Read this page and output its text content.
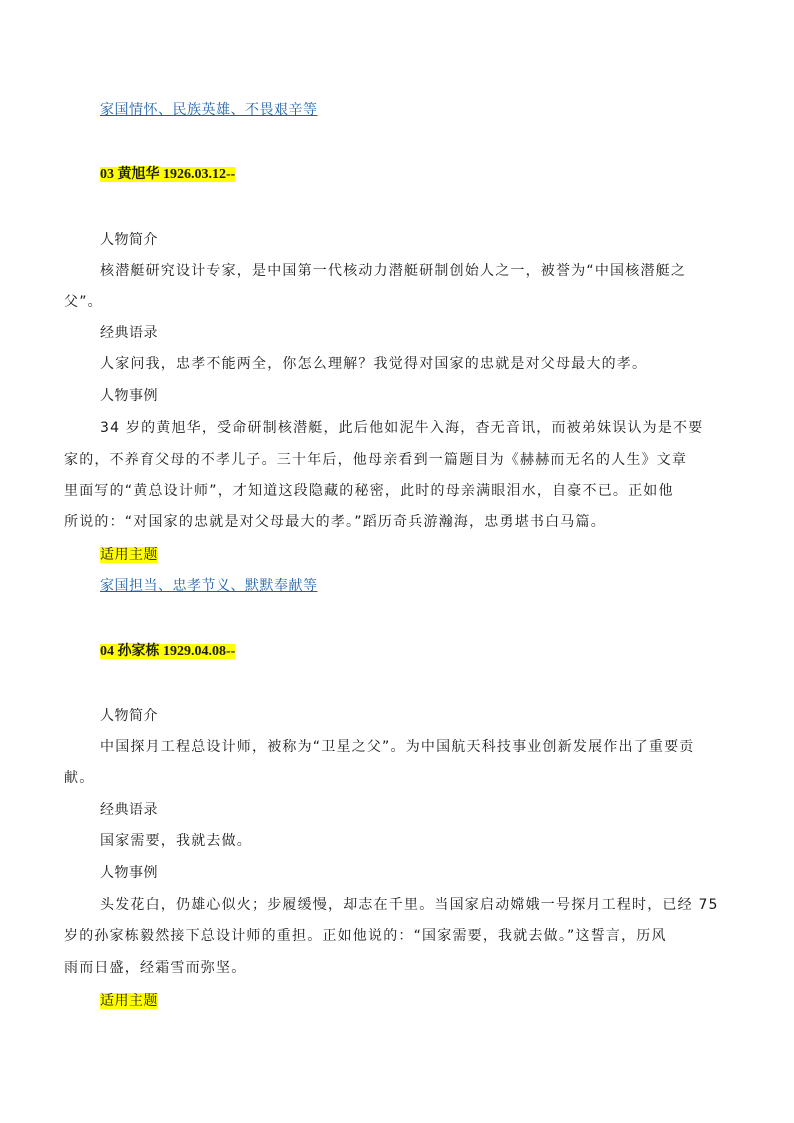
家国情怀、民族英雄、不畏艰辛等
03 黄旭华 1926.03.12--
人物简介
核潜艇研究设计专家，是中国第一代核动力潜艇研制创始人之一，被誉为“中国核潜艇之
父”。
经典语录
人家问我，忠孝不能两全，你怎么理解？我觉得对国家的忠就是对父母最大的孝。
人物事例
34 岁的黄旭华，受命研制核潜艇，此后他如泥牛入海，杳无音讯，而被弟妹误认为是不要
家的，不养育父母的不孝儿子。三十年后，他母亲看到一篇题目为《赫赫而无名的人生》文章
里面写的“黄总设计师”，才知道这段隐藏的秘密，此时的母亲满眼泪水，自豪不已。正如他
所说的：“对国家的忠就是对父母最大的孝。”蹈历奇兵游瀚海，忠勇堪书白马篇。
适用主题
家国担当、忠孝节义、默默奉献等
04 孙家栋 1929.04.08--
人物简介
中国探月工程总设计师，被称为“卫星之父”。为中国航天科技事业创新发展作出了重要贡
献。
经典语录
国家需要，我就去做。
人物事例
头发花白，仍雄心似火；步履缓慢，却志在千里。当国家启动嫦娥一号探月工程时，已经 75
岁的孙家栋毅然接下总设计师的重担。正如他说的：“国家需要，我就去做。”这誓言，历风
雨而日盛，经霜雪而弥坚。
适用主题
